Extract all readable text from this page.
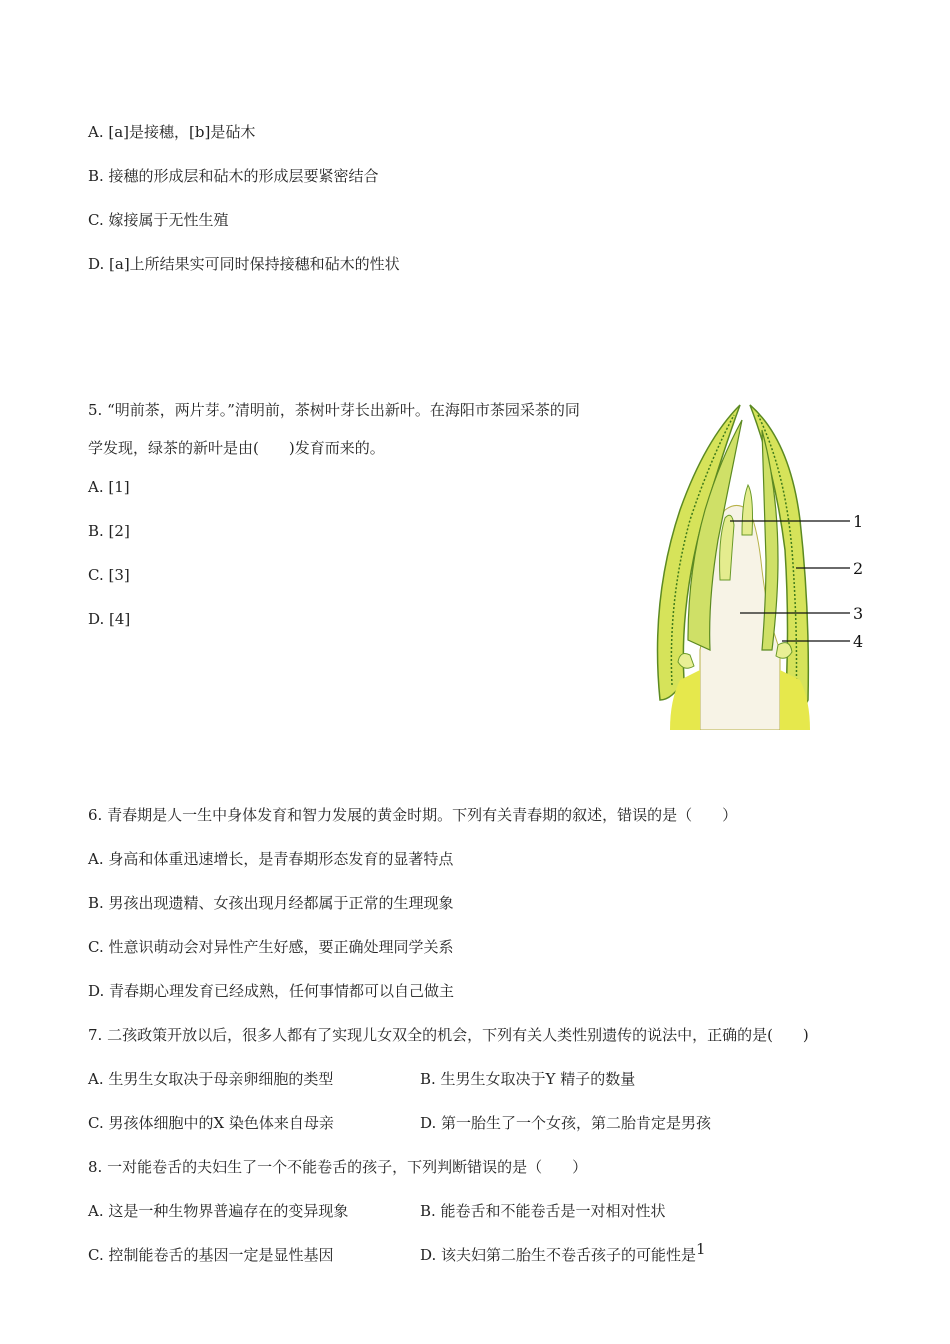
A. [a]是接穗，[b]是砧木
B. 接穗的形成层和砧木的形成层要紧密结合
C. 嫁接属于无性生殖
D. [a]上所结果实可同时保持接穗和砧木的性状
5. “明前茶，两片芽。”清明前，茶树叶芽长出新叶。在海阳市茶园采茶的同
学发现，绿茶的新叶是由(　　)发育而来的。
A. [1]
B. [2]
C. [3]
D. [4]
1
2
3
4
6. 青春期是人一生中身体发育和智力发展的黄金时期。下列有关青春期的叙述，错误的是（　　）
A. 身高和体重迅速增长，是青春期形态发育的显著特点
B. 男孩出现遗精、女孩出现月经都属于正常的生理现象
C. 性意识萌动会对异性产生好感，要正确处理同学关系
D. 青春期心理发育已经成熟，任何事情都可以自己做主
7. 二孩政策开放以后，很多人都有了实现儿女双全的机会，下列有关人类性别遗传的说法中，正确的是(　　)
A. 生男生女取决于母亲卵细胞的类型	B. 生男生女取决于Y 精子的数量
C. 男孩体细胞中的X 染色体来自母亲	D. 第一胎生了一个女孩，第二胎肯定是男孩
8. 一对能卷舌的夫妇生了一个不能卷舌的孩子，下列判断错误的是（　　）
A. 这是一种生物界普遍存在的变异现象	B. 能卷舌和不能卷舌是一对相对性状
C. 控制能卷舌的基因一定是显性基因	D. 该夫妇第二胎生不卷舌孩子的可能性是1
